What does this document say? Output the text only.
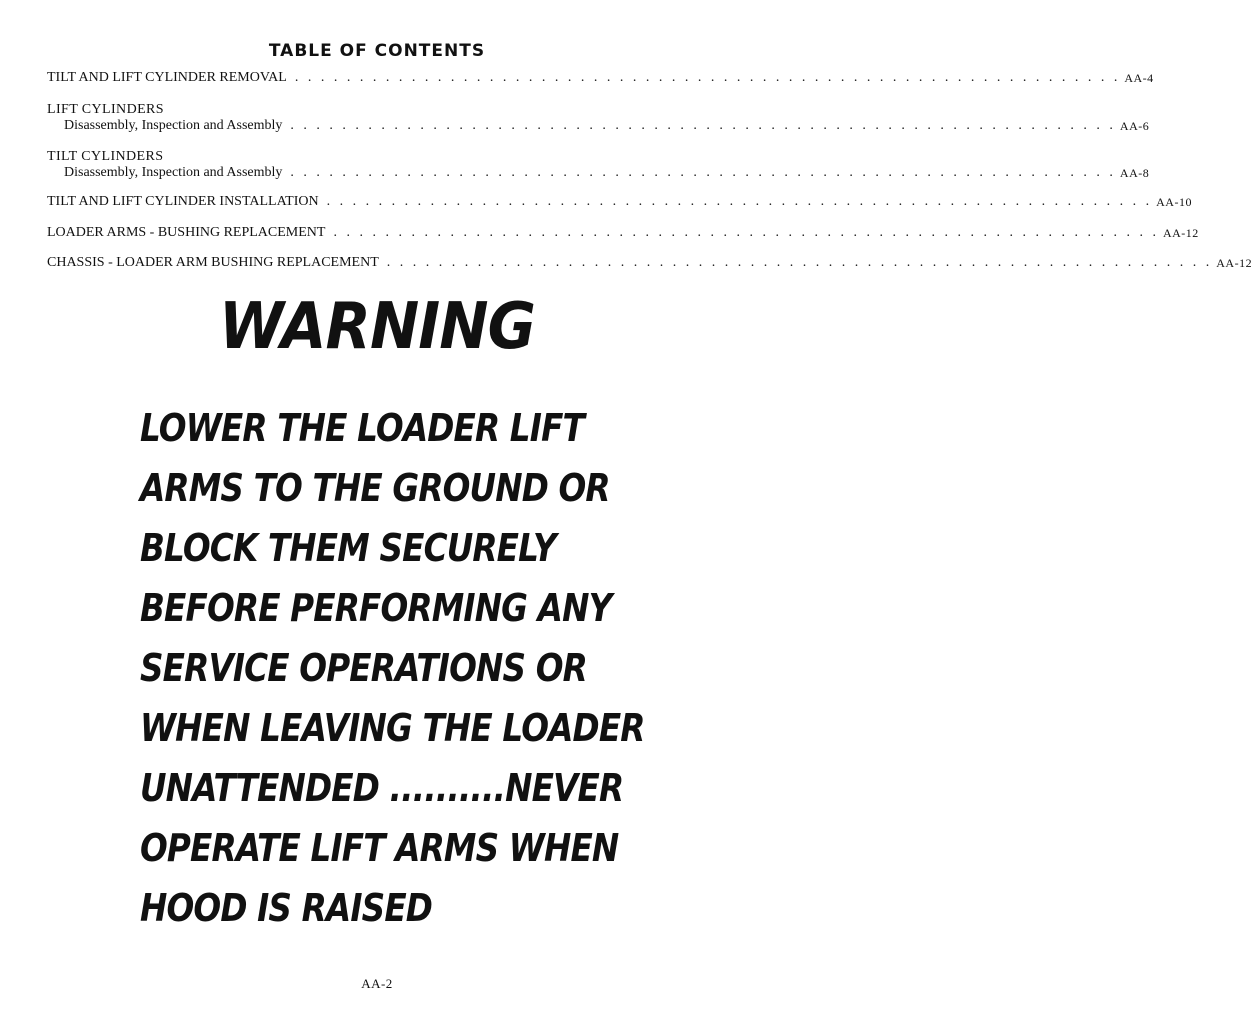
TABLE OF CONTENTS
TILT AND LIFT CYLINDER REMOVAL . . . . . . . . . . . . . . . . . . . . . . . . . . . . . . . . . . . . . . . . . . . . . . . . . . . . . . . . . . . . . . . . AA-4
LIFT CYLINDERS
Disassembly, Inspection and Assembly . . . . . . . . . . . . . . . . . . . . . . . . . . . . . . . . . . . . . . . . . . . . . . . . . . . . . . . . . . . . . . . . AA-6
TILT CYLINDERS
Disassembly, Inspection and Assembly . . . . . . . . . . . . . . . . . . . . . . . . . . . . . . . . . . . . . . . . . . . . . . . . . . . . . . . . . . . . . . . . AA-8
TILT AND LIFT CYLINDER INSTALLATION . . . . . . . . . . . . . . . . . . . . . . . . . . . . . . . . . . . . . . . . . . . . . . . . . . . . . . . . . . . . . . . . AA-10
LOADER ARMS - BUSHING REPLACEMENT . . . . . . . . . . . . . . . . . . . . . . . . . . . . . . . . . . . . . . . . . . . . . . . . . . . . . . . . . . . . . . . . AA-12
CHASSIS - LOADER ARM BUSHING REPLACEMENT . . . . . . . . . . . . . . . . . . . . . . . . . . . . . . . . . . . . . . . . . . . . . . . . . . . . . . . . . . . . . . . . AA-12
WARNING
LOWER THE LOADER LIFT
ARMS TO THE GROUND OR
BLOCK THEM SECURELY
BEFORE PERFORMING ANY
SERVICE OPERATIONS OR
WHEN LEAVING THE LOADER
UNATTENDED ..........NEVER
OPERATE LIFT ARMS WHEN
HOOD IS RAISED
AA-2
